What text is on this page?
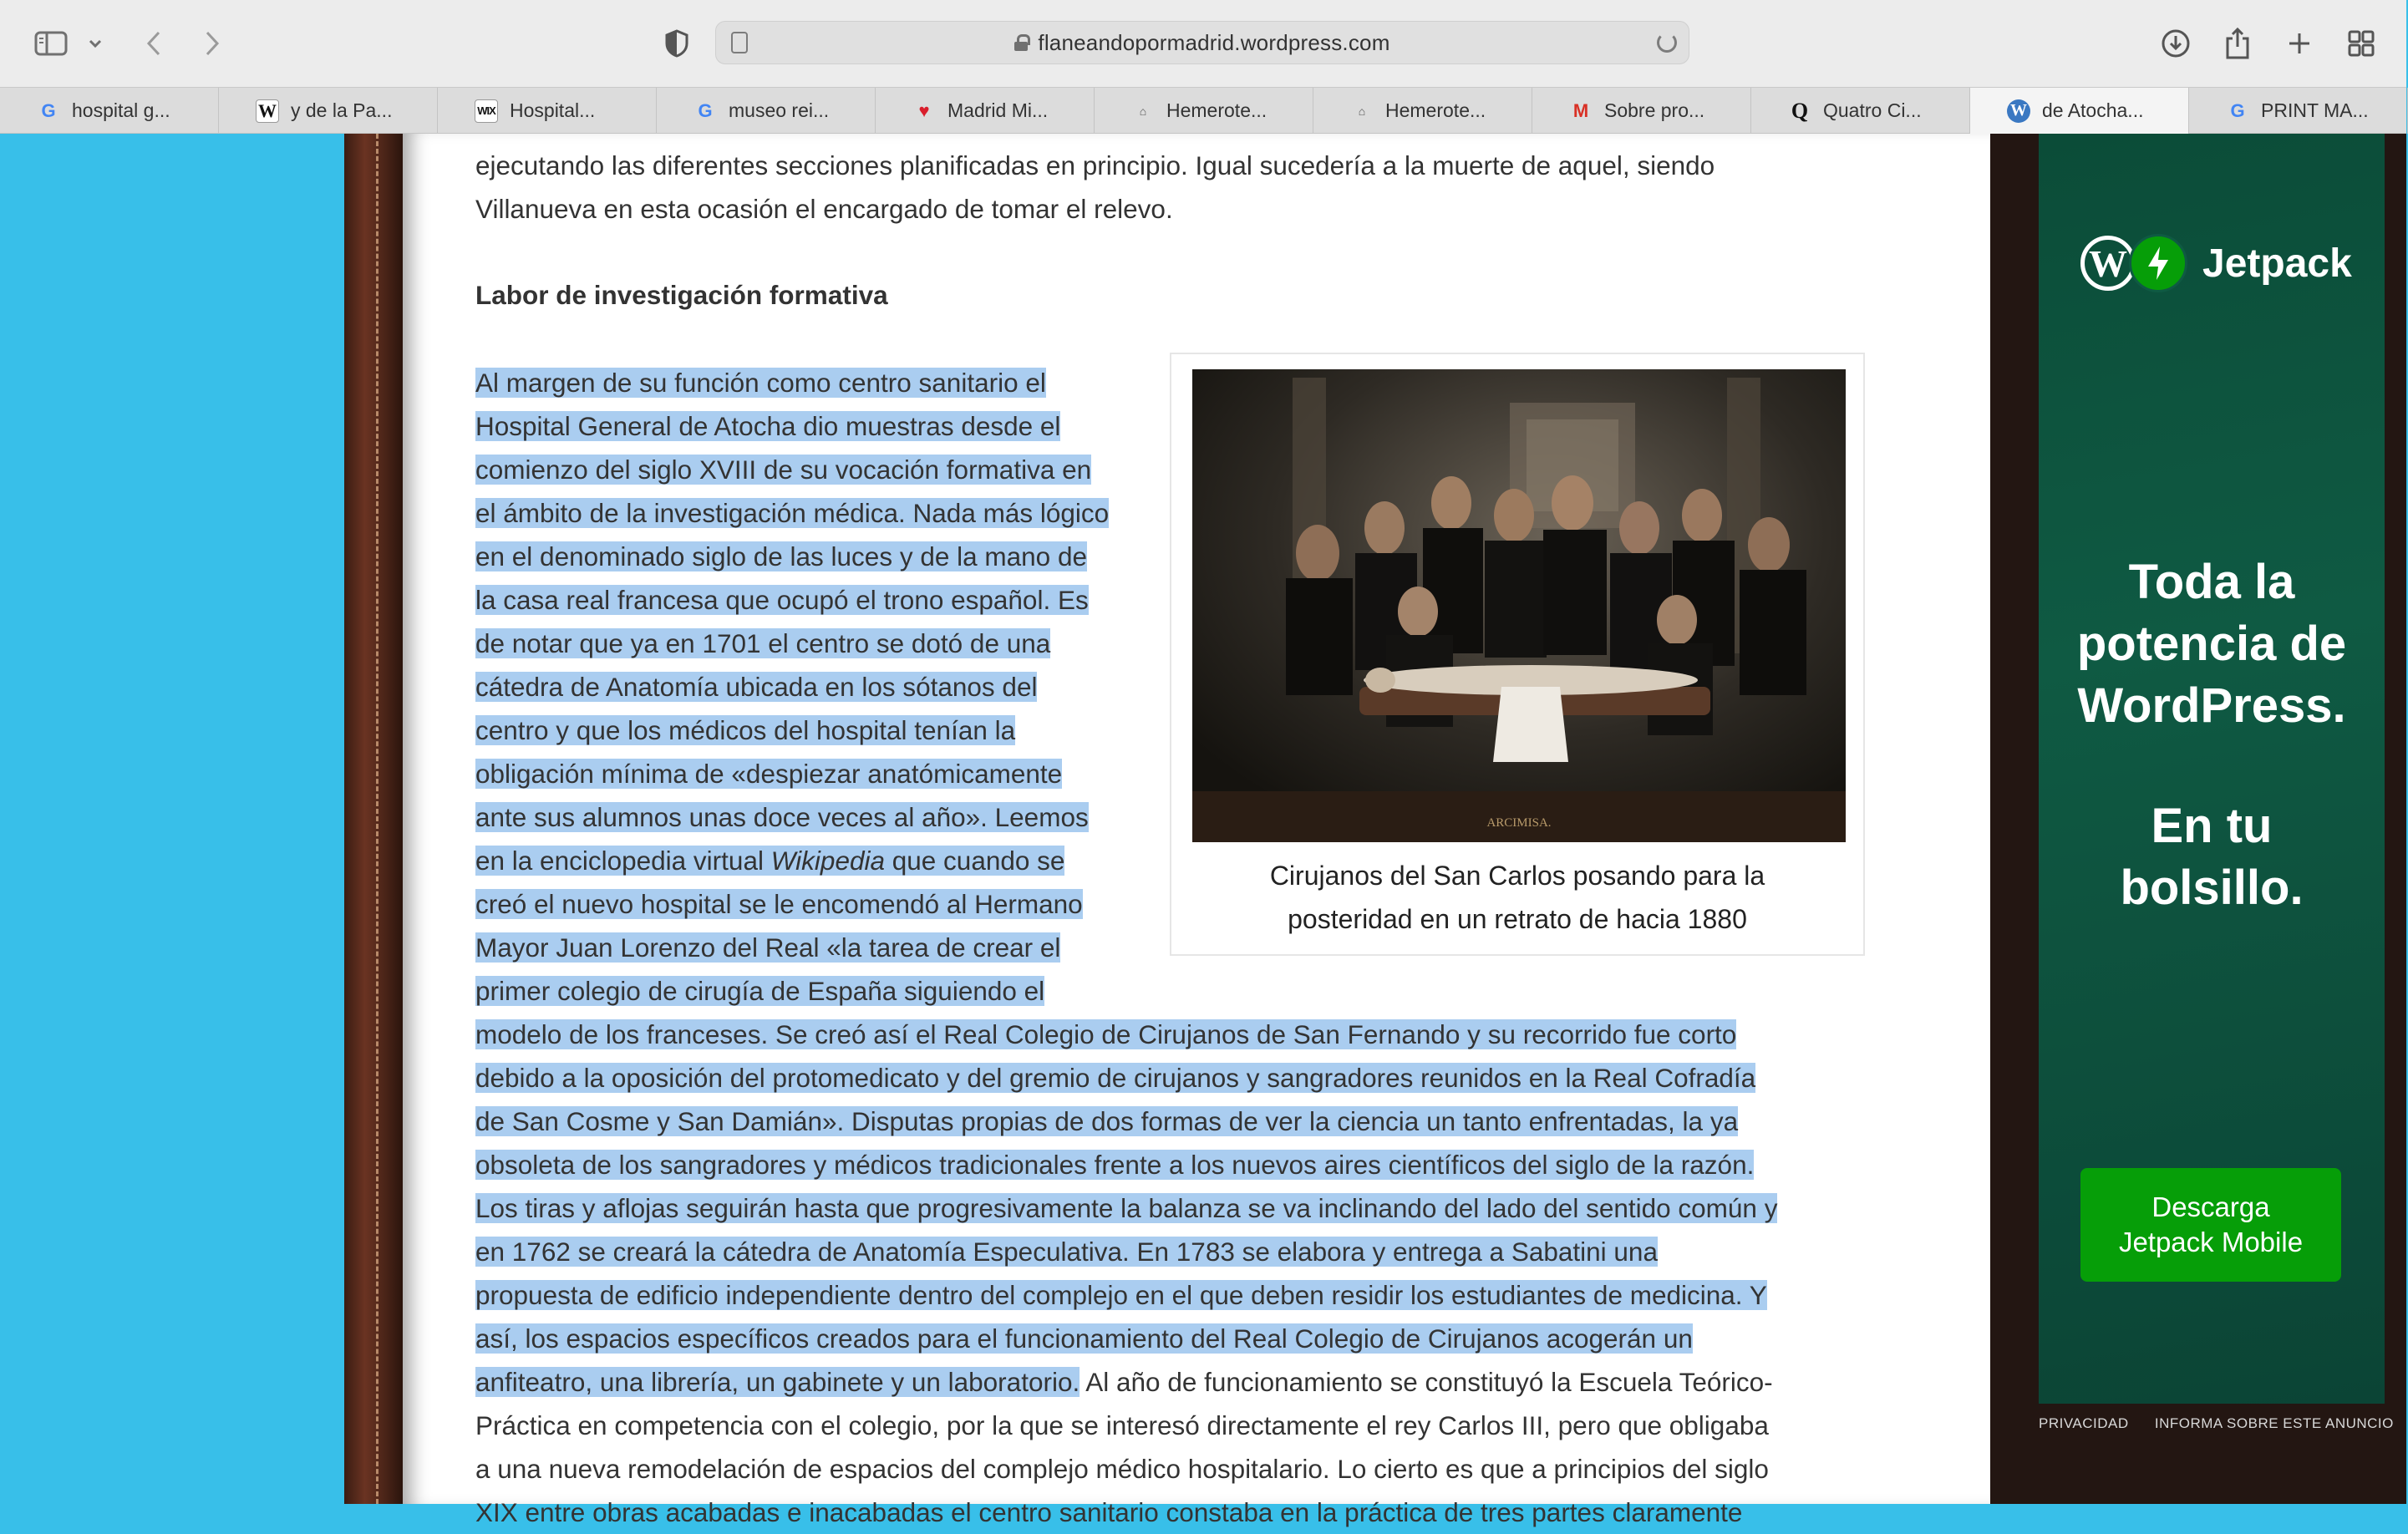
flaneandopormadrid.wordpress.com
G hospital g...	W y de la Pa...	WIX Hospital...	G museo rei...	♥ Madrid Mi...	⌂	Hemerote...	⌂	Hemerote...	M Sobre pro...	Q Quatro Ci...	W de Atocha...	G PRINT MA...
ejecutando las diferentes secciones planificadas en principio. Igual sucedería a la muerte de aquel, siendo
Villanueva en esta ocasión el encargado de tomar el relevo.
Labor de investigación formativa
Al margen de su función como centro sanitario el
Hospital General de Atocha dio muestras desde el
comienzo del siglo XVIII de su vocación formativa en
el ámbito de la investigación médica. Nada más lógico
en el denominado siglo de las luces y de la mano de
la casa real francesa que ocupó el trono español. Es
de notar que ya en 1701 el centro se dotó de una
cátedra de Anatomía ubicada en los sótanos del
centro y que los médicos del hospital tenían la
obligación mínima de «despiezar anatómicamente
ante sus alumnos unas doce veces al año». Leemos
en la enciclopedia virtual Wikipedia que cuando se
creó el nuevo hospital se le encomendó al Hermano
Mayor Juan Lorenzo del Real «la tarea de crear el
primer colegio de cirugía de España siguiendo el
modelo de los franceses. Se creó así el Real Colegio de Cirujanos de San Fernando y su recorrido fue corto
debido a la oposición del protomedicato y del gremio de cirujanos y sangradores reunidos en la Real Cofradía
de San Cosme y San Damián». Disputas propias de dos formas de ver la ciencia un tanto enfrentadas, la ya
obsoleta de los sangradores y médicos tradicionales frente a los nuevos aires científicos del siglo de la razón.
Los tiras y aflojas seguirán hasta que progresivamente la balanza se va inclinando del lado del sentido común y
en 1762 se creará la cátedra de Anatomía Especulativa. En 1783 se elabora y entrega a Sabatini una
propuesta de edificio independiente dentro del complejo en el que deben residir los estudiantes de medicina. Y
así, los espacios específicos creados para el funcionamiento del Real Colegio de Cirujanos acogerán un
anfiteatro, una librería, un gabinete y un laboratorio. Al año de funcionamiento se constituyó la Escuela Teórico-
Práctica en competencia con el colegio, por la que se interesó directamente el rey Carlos III, pero que obligaba
a una nueva remodelación de espacios del complejo médico hospitalario. Lo cierto es que a principios del siglo
XIX entre obras acabadas e inacabadas el centro sanitario constaba en la práctica de tres partes claramente
ARCIMISA.
Cirujanos del San Carlos posando para la
posteridad en un retrato de hacia 1880
W Jetpack
Toda la
potencia de
WordPress.
En tu
bolsillo.
Descarga
Jetpack Mobile
PRIVACIDAD INFORMA SOBRE ESTE ANUNCIO
